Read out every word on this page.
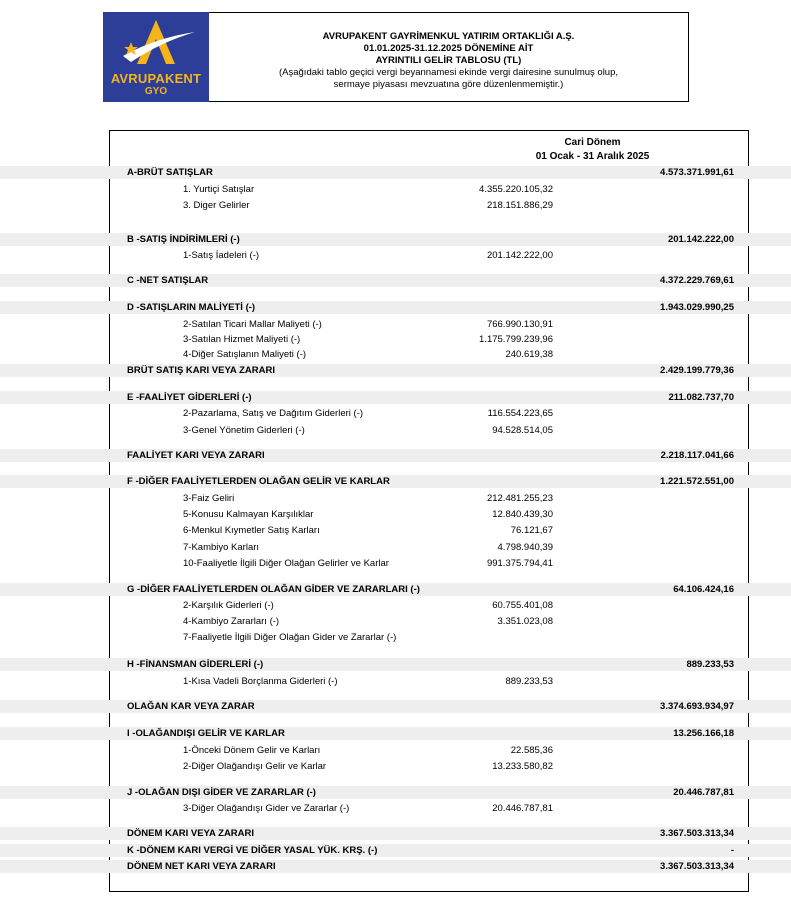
AVRUPAKENT
GYO
AVRUPAKENT GAYRİMENKUL YATIRIM ORTAKLIĞI A.Ş.
01.01.2025-31.12.2025 DÖNEMİNE AİT
AYRINTILI GELİR TABLOSU (TL)
(Aşağıdaki tablo geçici vergi beyannamesi ekinde vergi dairesine sunulmuş olup,
sermaye piyasası mevzuatına göre düzenlenmemiştir.)
Cari Dönem
01 Ocak - 31 Aralık 2025
A-BRÜT SATIŞLAR	4.573.371.991,61
1. Yurtiçi Satışlar	4.355.220.105,32
3. Diger Gelirler	218.151.886,29
B -SATIŞ İNDİRİMLERİ (-)	201.142.222,00
1-Satış İadeleri (-)	201.142.222,00
C -NET SATIŞLAR	4.372.229.769,61
D -SATIŞLARIN MALİYETİ (-)	1.943.029.990,25
2-Satılan Ticari Mallar Maliyeti (-)	766.990.130,91
3-Satılan Hizmet Maliyeti (-)	1.175.799.239,96
4-Diğer Satışlanın Maliyeti (-)	240.619,38
BRÜT SATIŞ KARI VEYA ZARARI	2.429.199.779,36
E -FAALİYET GİDERLERİ (-)	211.082.737,70
2-Pazarlama, Satış ve Dağıtım Giderleri (-)	116.554.223,65
3-Genel Yönetim Giderleri (-)	94.528.514,05
FAALİYET KARI VEYA ZARARI	2.218.117.041,66
F -DİĞER FAALİYETLERDEN OLAĞAN GELİR VE KARLAR	1.221.572.551,00
3-Faiz Geliri	212.481.255,23
5-Konusu Kalmayan Karşılıklar	12.840.439,30
6-Menkul Kıymetler Satış Karları	76.121,67
7-Kambiyo Karları	4.798.940,39
10-Faaliyetle İlgili Diğer Olağan Gelirler ve Karlar	991.375.794,41
G -DİĞER FAALİYETLERDEN OLAĞAN GİDER VE ZARARLARI (-)	64.106.424,16
2-Karşılık Giderleri (-)	60.755.401,08
4-Kambiyo Zararları (-)	3.351.023,08
7-Faaliyetle İlgili Diğer Olağan Gider ve Zararlar (-)
H -FİNANSMAN GİDERLERİ (-)	889.233,53
1-Kısa Vadeli Borçlanma Giderleri (-)	889.233,53
OLAĞAN KAR VEYA ZARAR	3.374.693.934,97
I -OLAĞANDIŞI GELİR VE KARLAR	13.256.166,18
1-Önceki Dönem Gelir ve Karları	22.585,36
2-Diğer Olağandışı Gelir ve Karlar	13.233.580,82
J -OLAĞAN DIŞI GİDER VE ZARARLAR (-)	20.446.787,81
3-Diğer Olağandışı Gider ve Zararlar (-)	20.446.787,81
DÖNEM KARI VEYA ZARARI	3.367.503.313,34
K -DÖNEM KARI VERGİ VE DİĞER YASAL YÜK. KRŞ. (-)	-
DÖNEM NET KARI VEYA ZARARI	3.367.503.313,34
